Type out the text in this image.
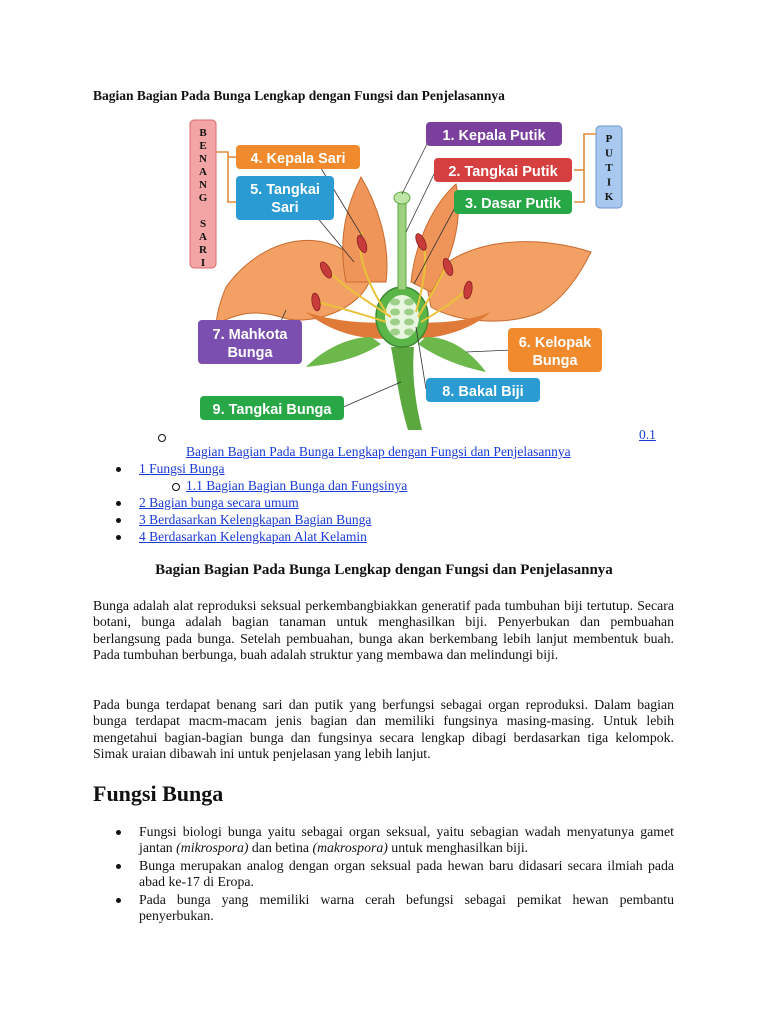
Bagian Bagian Pada Bunga Lengkap dengan Fungsi dan Penjelasannya
B
E
N
A
N
G
S
A
R
I
P
U
T
I
K
1. Kepala Putik
2. Tangkai Putik
3. Dasar Putik
4. Kepala Sari
5. Tangkai
Sari
7. Mahkota
Bunga
6. Kelopak
Bunga
8. Bakal Biji
9. Tangkai Bunga
0.1
Bagian Bagian Pada Bunga Lengkap dengan Fungsi dan Penjelasannya
1 Fungsi Bunga
1.1 Bagian Bagian Bunga dan Fungsinya
2 Bagian bunga secara umum
3 Berdasarkan Kelengkapan Bagian Bunga
4 Berdasarkan Kelengkapan Alat Kelamin
Bagian Bagian Pada Bunga Lengkap dengan Fungsi dan Penjelasannya

Bunga adalah alat reproduksi seksual perkembangbiakkan generatif pada tumbuhan biji tertutup. Secara botani, bunga adalah bagian tanaman untuk menghasilkan biji. Penyerbukan dan pembuahan berlangsung pada bunga. Setelah pembuahan, bunga akan berkembang lebih lanjut membentuk buah. Pada tumbuhan berbunga, buah adalah struktur yang membawa dan melindungi biji.

Pada bunga terdapat benang sari dan putik yang berfungsi sebagai organ reproduksi. Dalam bagian bunga terdapat macm-macam jenis bagian dan memiliki fungsinya masing-masing. Untuk lebih mengetahui bagian-bagian bunga dan fungsinya secara lengkap dibagi berdasarkan tiga kelompok. Simak uraian dibawah ini untuk penjelasan yang lebih lanjut.

Fungsi Bunga

Fungsi biologi bunga yaitu sebagai organ seksual, yaitu sebagian wadah menyatunya gamet jantan (mikrospora) dan betina (makrospora) untuk menghasilkan biji.

Bunga merupakan analog dengan organ seksual pada hewan baru didasari secara ilmiah pada abad ke-17 di Eropa.

Pada bunga yang memiliki warna cerah befungsi sebagai pemikat hewan pembantu penyerbukan.
